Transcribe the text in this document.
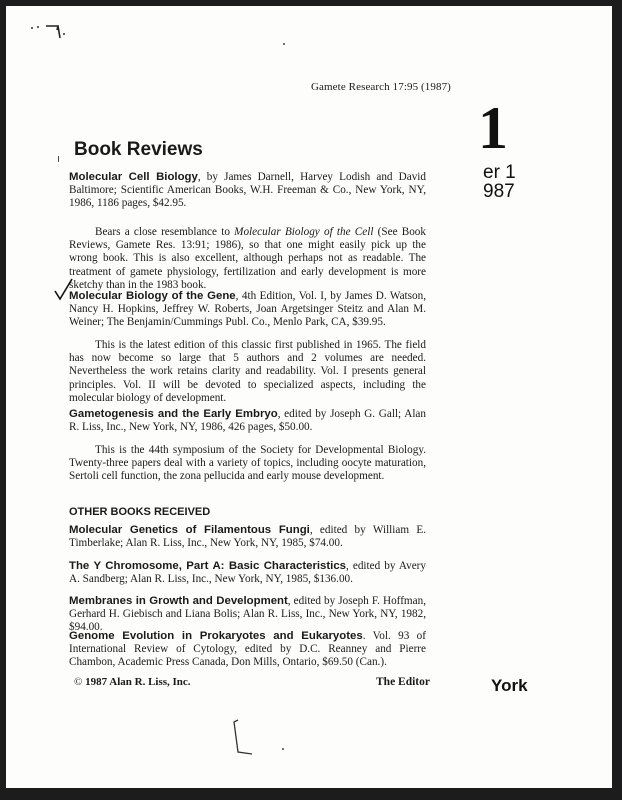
Gamete Research 17:95 (1987)
1
er 1
987
York
Book Reviews
Molecular Cell Biology, by James Darnell, Harvey Lodish and David Baltimore; Scientific American Books, W.H. Freeman & Co., New York, NY, 1986, 1186 pages, $42.95.
Bears a close resemblance to Molecular Biology of the Cell (See Book Reviews, Gamete Res. 13:91; 1986), so that one might easily pick up the wrong book. This is also excellent, although perhaps not as readable. The treatment of gamete physiology, fertilization and early development is more sketchy than in the 1983 book.
Molecular Biology of the Gene, 4th Edition, Vol. I, by James D. Watson, Nancy H. Hopkins, Jeffrey W. Roberts, Joan Argetsinger Steitz and Alan M. Weiner; The Benjamin/Cummings Publ. Co., Menlo Park, CA, $39.95.
This is the latest edition of this classic first published in 1965. The field has now become so large that 5 authors and 2 volumes are needed. Nevertheless the work retains clarity and readability. Vol. I presents general principles. Vol. II will be devoted to specialized aspects, including the molecular biology of development.
Gametogenesis and the Early Embryo, edited by Joseph G. Gall; Alan R. Liss, Inc., New York, NY, 1986, 426 pages, $50.00.
This is the 44th symposium of the Society for Developmental Biology. Twenty-three papers deal with a variety of topics, including oocyte maturation, Sertoli cell function, the zona pellucida and early mouse development.
OTHER BOOKS RECEIVED
Molecular Genetics of Filamentous Fungi, edited by William E. Timberlake; Alan R. Liss, Inc., New York, NY, 1985, $74.00.
The Y Chromosome, Part A: Basic Characteristics, edited by Avery A. Sandberg; Alan R. Liss, Inc., New York, NY, 1985, $136.00.
Membranes in Growth and Development, edited by Joseph F. Hoffman, Gerhard H. Giebisch and Liana Bolis; Alan R. Liss, Inc., New York, NY, 1982, $94.00.
Genome Evolution in Prokaryotes and Eukaryotes. Vol. 93 of International Review of Cytology, edited by D.C. Reanney and Pierre Chambon, Academic Press Canada, Don Mills, Ontario, $69.50 (Can.).
© 1987 Alan R. Liss, Inc.	The Editor
